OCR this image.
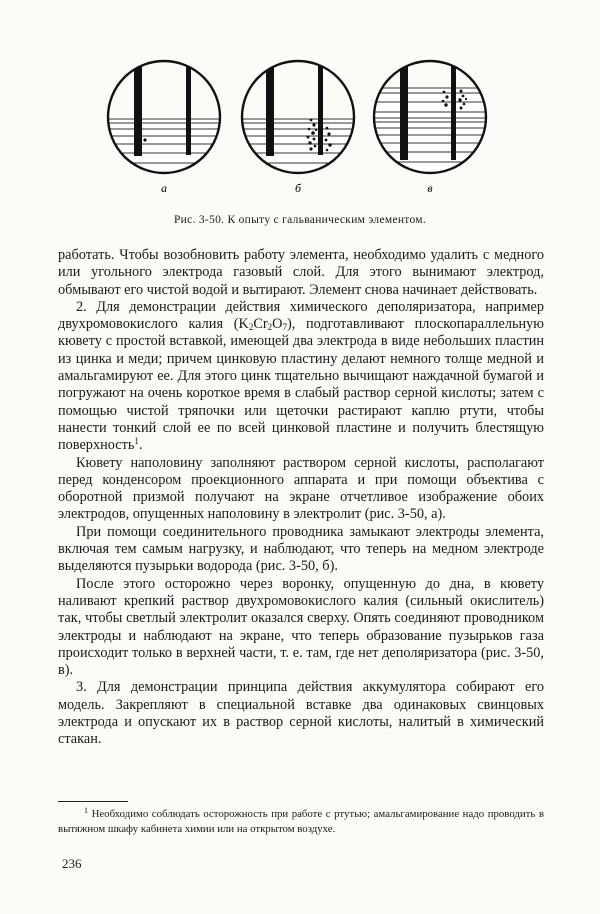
а	б	в
Рис. 3-50. К опыту с гальваническим элементом.

работать. Чтобы возобновить работу элемента, необходимо удалить с медного или угольного электрода газовый слой. Для этого вынимают электрод, обмывают его чистой водой и вытирают. Элемент снова начинает действовать.

2. Для демонстрации действия химического деполяризатора, например двухромовокислого калия $(K_2Cr_2O_7)$, подготавливают плоскопараллельную кювету с простой вставкой, имеющей два электрода в виде небольших пластин из цинка и меди; причем цинковую пластину делают немного толще медной и амальгамируют ее. Для этого цинк тщательно вычищают наждачной бумагой и погружают на очень короткое время в слабый раствор серной кислоты; затем с помощью чистой тряпочки или щеточки растирают каплю ртути, чтобы нанести тонкий слой ее по всей цинковой пластине и получить блестящую поверхность$^1$.

Кювету наполовину заполняют раствором серной кислоты, располагают перед конденсором проекционного аппарата и при помощи объектива с оборотной призмой получают на экране отчетливое изображение обоих электродов, опущенных наполовину в электролит (рис. 3-50, а).

При помощи соединительного проводника замыкают электроды элемента, включая тем самым нагрузку, и наблюдают, что теперь на медном электроде выделяются пузырьки водорода (рис. 3-50, б).

После этого осторожно через воронку, опущенную до дна, в кювету наливают крепкий раствор двухромовокислого калия (сильный окислитель) так, чтобы светлый электролит оказался сверху. Опять соединяют проводником электроды и наблюдают на экране, что теперь образование пузырьков газа происходит только в верхней части, т. е. там, где нет деполяризатора (рис. 3-50, в).

3. Для демонстрации принципа действия аккумулятора собирают его модель. Закрепляют в специальной вставке два одинаковых свинцовых электрода и опускают их в раствор серной кислоты, налитый в химический стакан.

$^1$ Необходимо соблюдать осторожность при работе с ртутью; амальгамирование надо проводить в вытяжном шкафу кабинета химии или на открытом воздухе.

236
